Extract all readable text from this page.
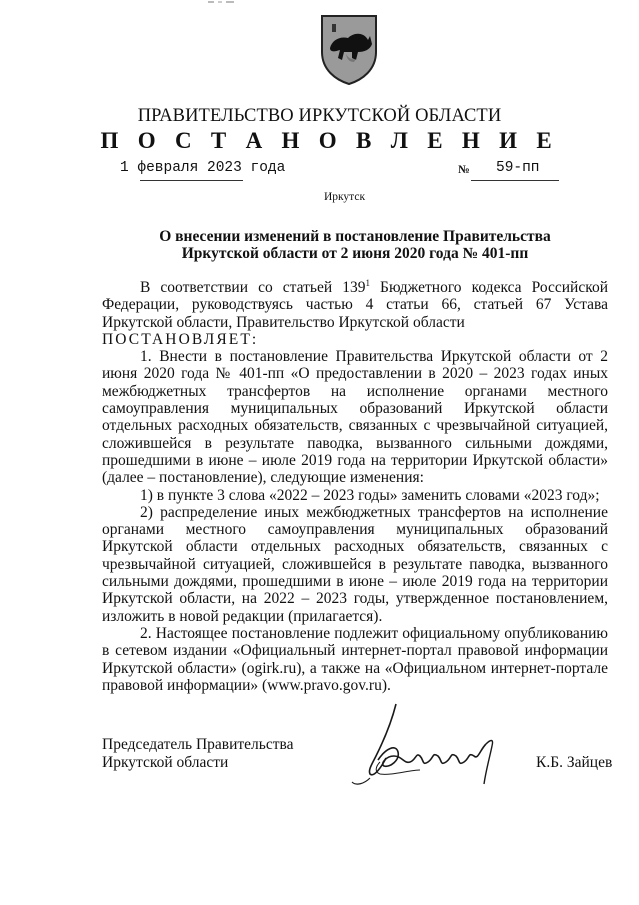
ПРАВИТЕЛЬСТВО ИРКУТСКОЙ ОБЛАСТИ
П О С Т А Н О В Л Е Н И Е
1 февраля 2023 года	№ 59-пп
Иркутск
О внесении изменений в постановление Правительства
Иркутской области от 2 июня 2020 года № 401-пп

В соответствии со статьей $139^1$ Бюджетного кодекса Российской Федерации, руководствуясь частью 4 статьи 66, статьей 67 Устава Иркутской области, Правительство Иркутской области

ПОСТАНОВЛЯЕТ:

1. Внести в постановление Правительства Иркутской области от 2 июня 2020 года № 401-пп «О предоставлении в 2020 – 2023 годах иных межбюджетных трансфертов на исполнение органами местного самоуправления муниципальных образований Иркутской области отдельных расходных обязательств, связанных с чрезвычайной ситуацией, сложившейся в результате паводка, вызванного сильными дождями, прошедшими в июне – июле 2019 года на территории Иркутской области» (далее – постановление), следующие изменения:

1) в пункте 3 слова «2022 – 2023 годы» заменить словами «2023 год»;

2) распределение иных межбюджетных трансфертов на исполнение органами местного самоуправления муниципальных образований Иркутской области отдельных расходных обязательств, связанных с чрезвычайной ситуацией, сложившейся в результате паводка, вызванного сильными дождями, прошедшими в июне – июле 2019 года на территории Иркутской области, на 2022 – 2023 годы, утвержденное постановлением, изложить в новой редакции (прилагается).

2. Настоящее постановление подлежит официальному опубликованию в сетевом издании «Официальный интернет-портал правовой информации Иркутской области» (ogirk.ru), а также на «Официальном интернет-портале правовой информации» (www.pravo.gov.ru).

Председатель Правительства
Иркутской области	К.Б. Зайцев
